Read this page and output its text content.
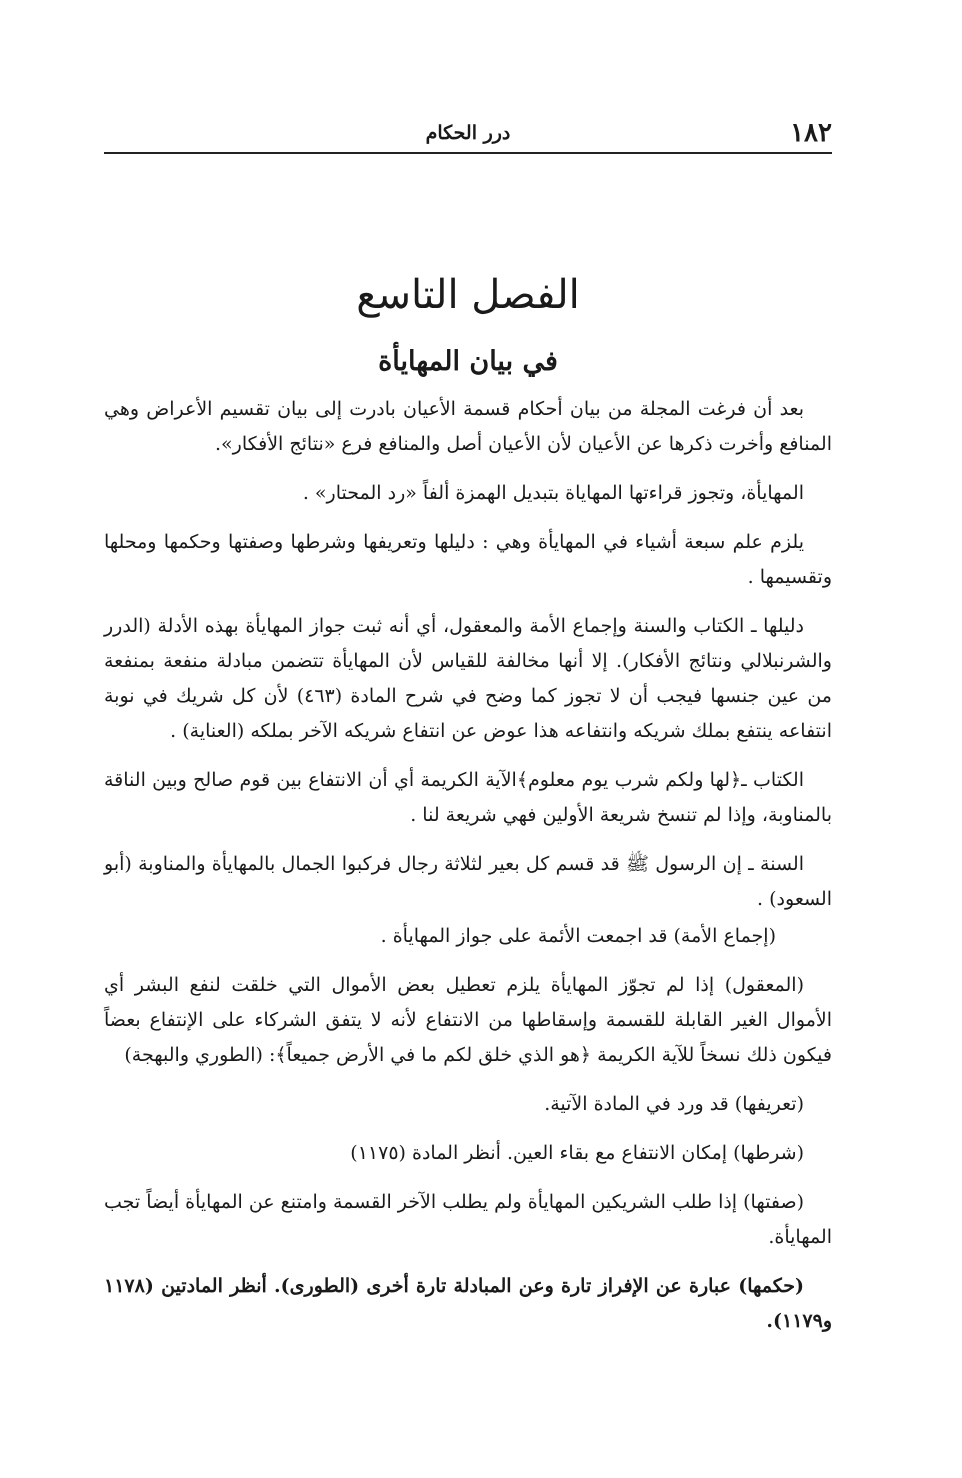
١٨٢
درر الحكام
الفصل التاسع
في بيان المهايأة

بعد أن فرغت المجلة من بيان أحكام قسمة الأعيان بادرت إلى بيان تقسيم الأعراض وهي المنافع وأخرت ذكرها عن الأعيان لأن الأعيان أصل والمنافع فرع «نتائج الأفكار».

المهايأة، وتجوز قراءتها المهاياة بتبديل الهمزة ألفاً «رد المحتار» .

يلزم علم سبعة أشياء في المهايأة وهي : دليلها وتعريفها وشرطها وصفتها وحكمها ومحلها وتقسيمها .

دليلها ـ الكتاب والسنة وإجماع الأمة والمعقول، أي أنه ثبت جواز المهايأة بهذه الأدلة (الدرر والشرنبلالي ونتائج الأفكار). إلا أنها مخالفة للقياس لأن المهايأة تتضمن مبادلة منفعة بمنفعة من عين جنسها فيجب أن لا تجوز كما وضح في شرح المادة (٤٦٣) لأن كل شريك في نوبة انتفاعه ينتفع بملك شريكه وانتفاعه هذا عوض عن انتفاع شريكه الآخر بملكه (العناية) .

الكتاب ـ﴿لها ولكم شرب يوم معلوم﴾الآية الكريمة أي أن الانتفاع بين قوم صالح وبين الناقة بالمناوبة، وإذا لم تنسخ شريعة الأولين فهي شريعة لنا .

السنة ـ إن الرسول ﷺ قد قسم كل بعير لثلاثة رجال فركبوا الجمال بالمهايأة والمناوبة (أبو السعود) .

(إجماع الأمة) قد اجمعت الأئمة على جواز المهايأة .

(المعقول) إذا لم تجوّز المهايأة يلزم تعطيل بعض الأموال التي خلقت لنفع البشر أي الأموال الغير القابلة للقسمة وإسقاطها من الانتفاع لأنه لا يتفق الشركاء على الإنتفاع بعضاً فيكون ذلك نسخاً للآية الكريمة ﴿هو الذي خلق لكم ما في الأرض جميعاً﴾: (الطوري والبهجة)

(تعريفها) قد ورد في المادة الآتية.

(شرطها) إمكان الانتفاع مع بقاء العين. أنظر المادة (١١٧٥)

(صفتها) إذا طلب الشريكين المهايأة ولم يطلب الآخر القسمة وامتنع عن المهايأة أيضاً تجب المهايأة.

(حكمها) عبارة عن الإفراز تارة وعن المبادلة تارة أخرى (الطورى). أنظر المادتين (١١٧٨ و١١٧٩).
